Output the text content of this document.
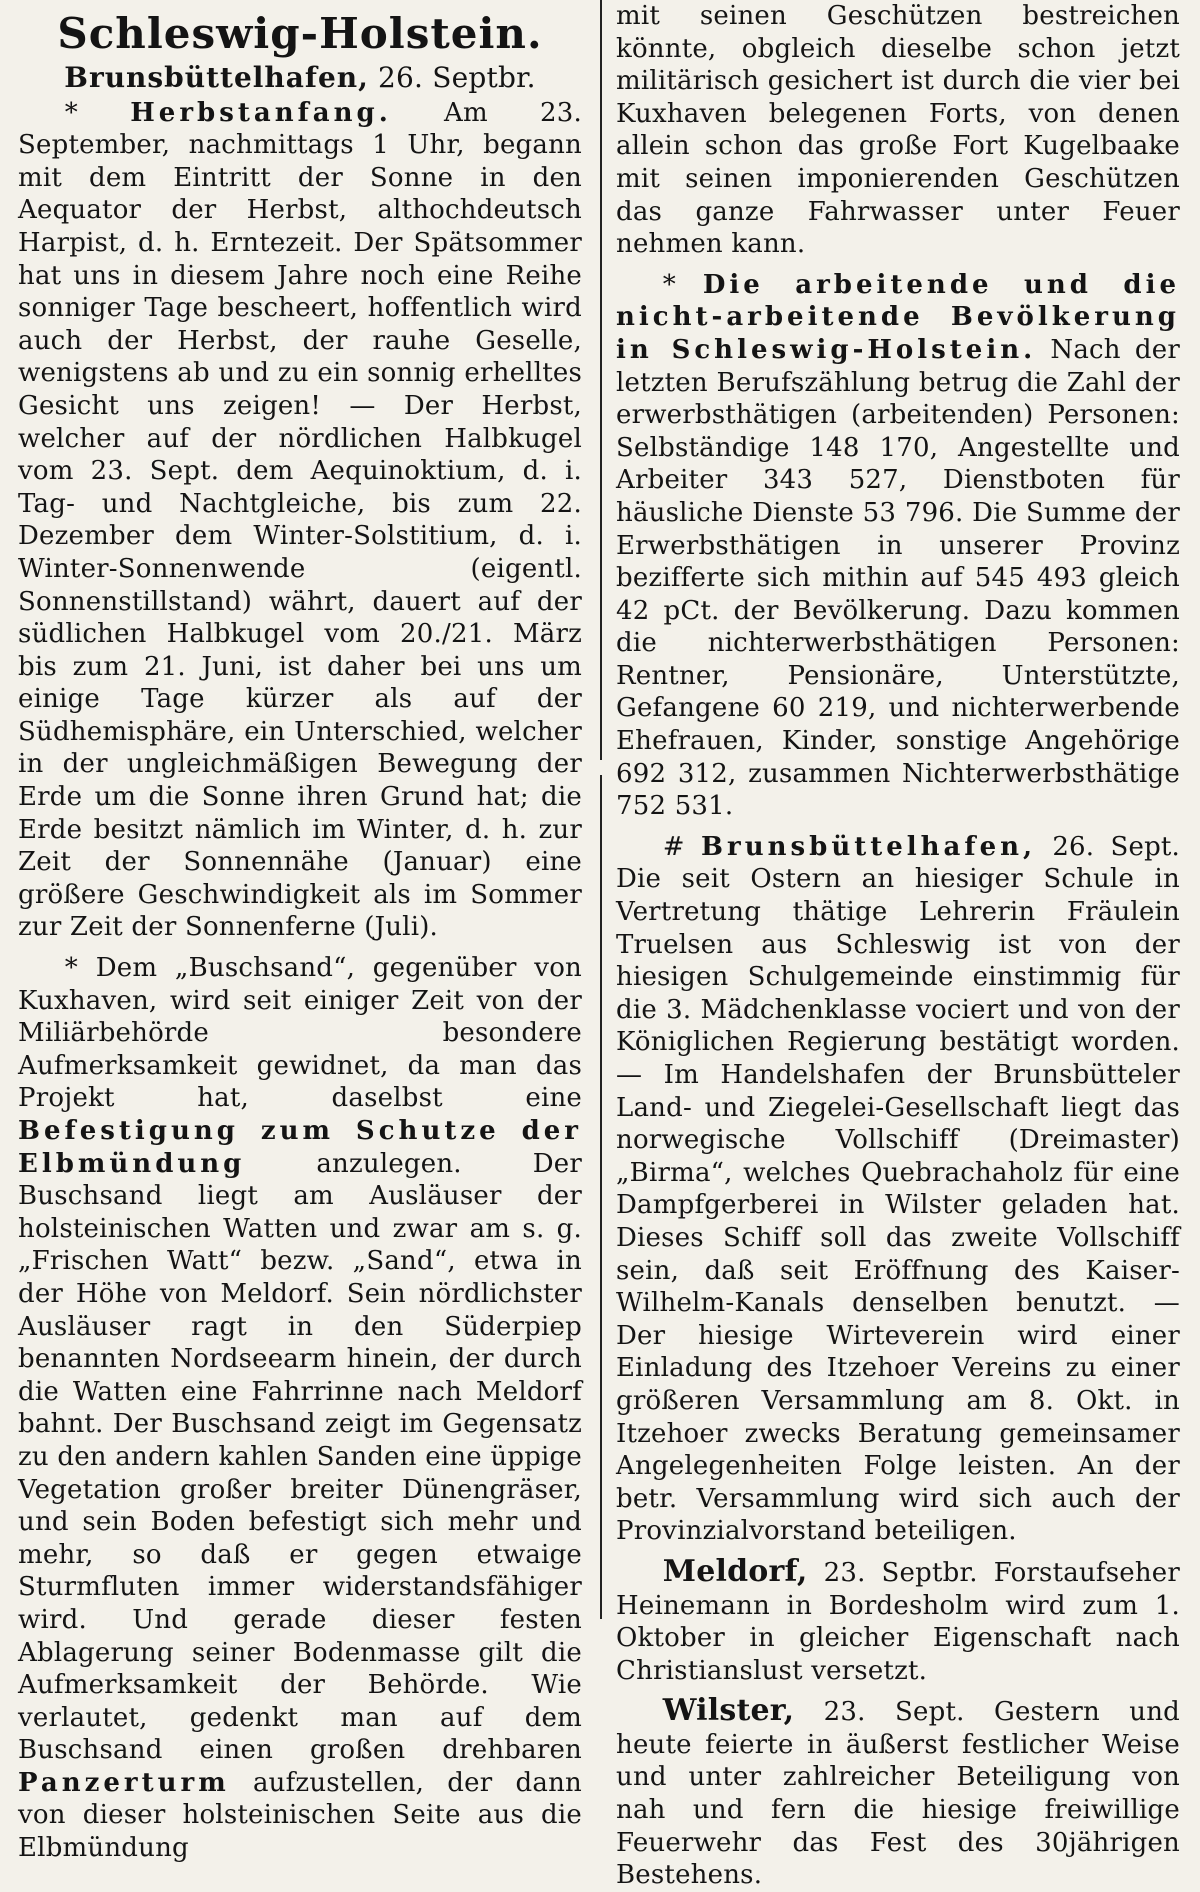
Schleswig-Holstein.
Brunsbüttelhafen, 26. Septbr.

* Herbstanfang. Am 23. September, nachmittags 1 Uhr, begann mit dem Eintritt der Sonne in den Aequator der Herbst, althochdeutsch Harpist, d. h. Erntezeit. Der Spätsommer hat uns in diesem Jahre noch eine Reihe sonniger Tage bescheert, hoffentlich wird auch der Herbst, der rauhe Geselle, wenigstens ab und zu ein sonnig erhelltes Gesicht uns zeigen! — Der Herbst, welcher auf der nördlichen Halbkugel vom 23. Sept. dem Aequinoktium, d. i. Tag- und Nachtgleiche, bis zum 22. Dezember dem Winter-Solstitium, d. i. Winter-Sonnenwende (eigentl. Sonnenstillstand) währt, dauert auf der südlichen Halbkugel vom 20./21. März bis zum 21. Juni, ist daher bei uns um einige Tage kürzer als auf der Südhemisphäre, ein Unterschied, welcher in der ungleichmäßigen Bewegung der Erde um die Sonne ihren Grund hat; die Erde besitzt nämlich im Winter, d. h. zur Zeit der Sonnennähe (Januar) eine größere Geschwindigkeit als im Sommer zur Zeit der Sonnenferne (Juli).

* Dem „Buschsand“, gegenüber von Kuxhaven, wird seit einiger Zeit von der Miliärbehörde besondere Aufmerksamkeit gewidnet, da man das Projekt hat, daselbst eine Befestigung zum Schutze der Elbmündung	anzulegen. Der Buschsand liegt am Ausläuser der holsteinischen Watten und zwar am s. g. „Frischen Watt“ bezw. „Sand“, etwa in der Höhe von Meldorf. Sein nördlichster Ausläuser ragt in den Süderpiep benannten Nordseearm hinein, der durch die Watten eine Fahrrinne nach Meldorf bahnt. Der Buschsand zeigt im Gegensatz zu den andern kahlen Sanden eine üppige Vegetation großer breiter Dünengräser, und sein Boden befestigt sich mehr und mehr, so daß er gegen etwaige Sturmfluten immer widerstandsfähiger wird. Und gerade dieser festen Ablagerung seiner Bodenmasse gilt die Aufmerksamkeit der Behörde. Wie verlautet, gedenkt man auf dem Buschsand einen großen drehbaren Panzerturm aufzustellen, der dann von dieser holsteinischen Seite aus die Elbmündung

mit seinen Geschützen bestreichen könnte, obgleich dieselbe schon jetzt militärisch gesichert ist durch die vier bei Kuxhaven belegenen Forts, von denen allein schon das große Fort Kugelbaake mit seinen imponierenden Geschützen das ganze Fahrwasser unter Feuer nehmen kann.

* Die arbeitende und die nicht-arbeitende Bevölkerung in Schleswig-Holstein. Nach der letzten Berufszählung betrug die Zahl der erwerbsthätigen (arbeitenden) Personen: Selbständige 148 170, Angestellte und Arbeiter 343 527, Dienstboten für häusliche Dienste 53 796. Die Summe der Erwerbsthätigen in unserer Provinz bezifferte sich mithin auf 545 493 gleich 42 pCt. der Bevölkerung. Dazu kommen die nichterwerbsthätigen Personen: Rentner, Pensionäre, Unterstützte, Gefangene 60 219, und nichterwerbende Ehefrauen, Kinder, sonstige Angehörige 692 312, zusammen Nichterwerbsthätige 752 531.

# Brunsbüttelhafen, 26. Sept. Die seit Ostern an hiesiger Schule in Vertretung thätige Lehrerin Fräulein Truelsen aus Schleswig ist von der hiesigen Schulgemeinde einstimmig für die 3. Mädchenklasse vociert und von der Königlichen Regierung bestätigt worden. — Im Handelshafen der Brunsbütteler Land- und Ziegelei-Gesellschaft liegt das norwegische Vollschiff (Dreimaster) „Birma“, welches Quebrachaholz für eine Dampfgerberei in Wilster geladen hat. Dieses Schiff soll das zweite Vollschiff sein, daß seit Eröffnung des Kaiser-Wilhelm-Kanals denselben benutzt. — Der hiesige Wirteverein wird einer Einladung des Itzehoer Vereins zu einer größeren Versammlung am 8. Okt. in Itzehoer zwecks Beratung gemeinsamer Angelegenheiten Folge leisten. An der betr. Versammlung wird sich auch der Provinzialvorstand beteiligen.

Meldorf, 23. Septbr. Forstaufseher Heinemann in Bordesholm wird zum 1. Oktober in gleicher Eigenschaft nach Christianslust versetzt.

Wilster, 23. Sept. Gestern und heute feierte in äußerst festlicher Weise und unter zahlreicher Beteiligung von nah und fern die hiesige freiwillige Feuerwehr das Fest des 30jährigen Bestehens.
